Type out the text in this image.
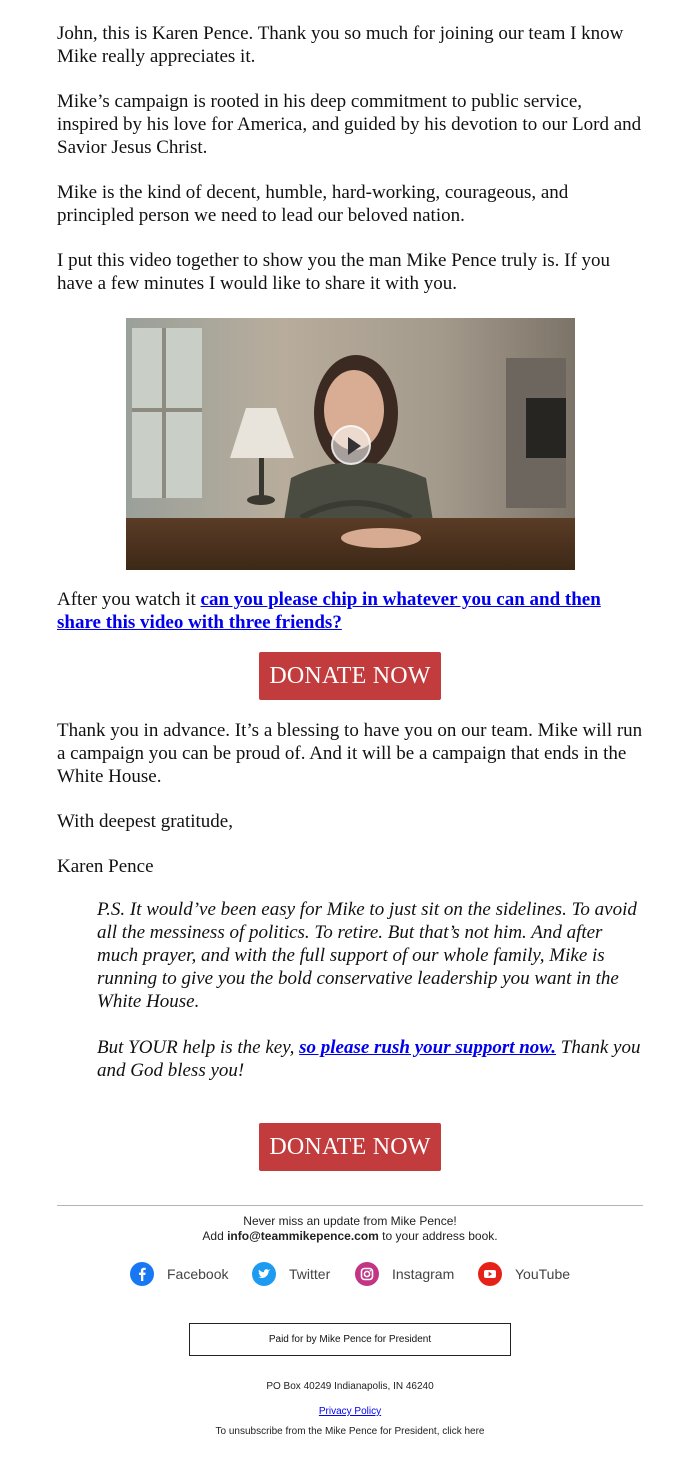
John, this is Karen Pence. Thank you so much for joining our team I know Mike really appreciates it.

Mike’s campaign is rooted in his deep commitment to public service, inspired by his love for America, and guided by his devotion to our Lord and Savior Jesus Christ.

Mike is the kind of decent, humble, hard-working, courageous, and principled person we need to lead our beloved nation.

I put this video together to show you the man Mike Pence truly is. If you have a few minutes I would like to share it with you.

After you watch it can you please chip in whatever you can and then share this video with three friends?
DONATE NOW

Thank you in advance. It’s a blessing to have you on our team. Mike will run a campaign you can be proud of. And it will be a campaign that ends in the White House.

With deepest gratitude,

Karen Pence

P.S. It would’ve been easy for Mike to just sit on the sidelines. To avoid all the messiness of politics. To retire. But that’s not him. And after much prayer, and with the full support of our whole family, Mike is running to give you the bold conservative leadership you want in the
White House.
But YOUR help is the key, so please rush your support now. Thank you and God bless you!
DONATE NOW
Never miss an update from Mike Pence!
Add info@teammikepence.com to your address book.
Facebook	Twitter	Instagram	YouTube
Paid for by Mike Pence for President
PO Box 40249 Indianapolis, IN 46240
Privacy Policy
To unsubscribe from the Mike Pence for President, click here
